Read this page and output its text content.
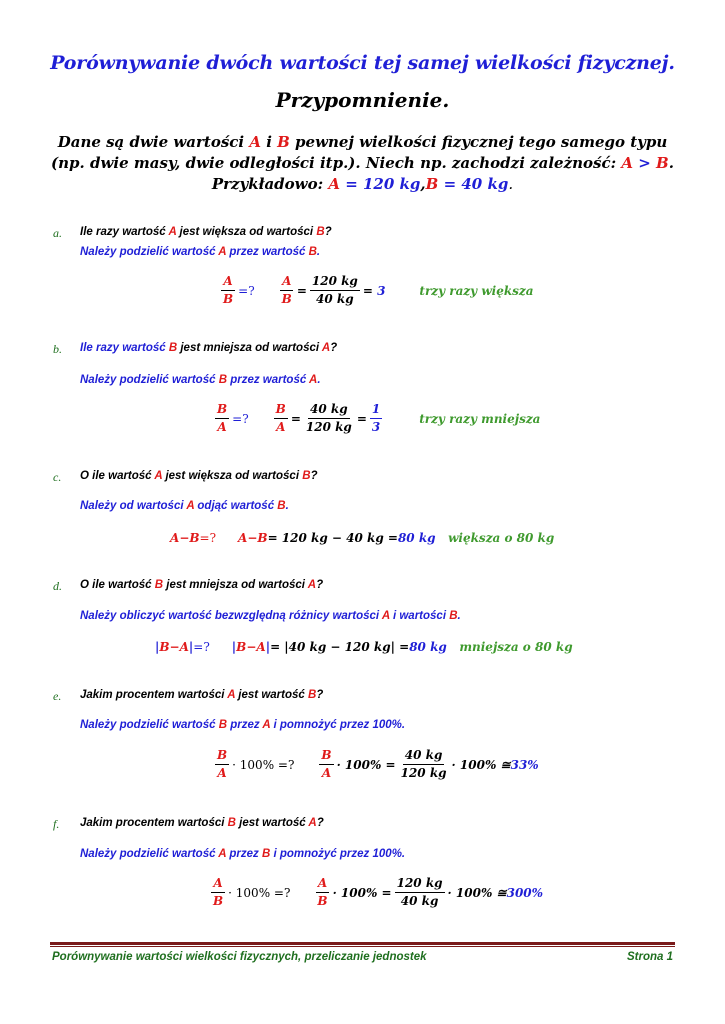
Porównywanie dwóch wartości tej samej wielkości fizycznej.
Przypomnienie.
Dane są dwie wartości A i B pewnej wielkości fizycznej tego samego typu
(np. dwie masy, dwie odległości itp.). Niech np. zachodzi zależność: A > B.
Przykładowo: A = 120 kg,B = 40 kg.
a. Ile razy wartość A jest większa od wartości B?
Należy podzielić wartość A przez wartość B.
$\frac{A}{B}$ =? $\frac{A}{B} = \frac{120 kg}{40 kg}$ =
3	trzy razy większa
b. Ile razy wartość B jest mniejsza od wartości A?
Należy podzielić wartość B przez wartość A.
$\frac{B}{A}$ =? $\frac{B}{A} = \frac{40 kg}{120 kg} = \frac{1}{3}$	trzy razy mniejsza
c. O ile wartość A jest większa od wartości B?
Należy od wartości A odjąć wartość B.
A − B =? A − B = 120 kg − 40 kg = 80 kg
większa o 80 kg
d. O ile wartość B jest mniejsza od wartości A?
Należy obliczyć wartość bezwzględną różnicy wartości A i wartości B.
| B − A | =? | B − A | = |40 kg − 120 kg| = 80 kg
mniejsza o 80 kg
e. Jakim procentem wartości A jest wartość B?
Należy podzielić wartość B przez A i pomnożyć przez 100%.
$\frac{B}{A} \cdot 100\%$ =? $\frac{B}{A} \cdot 100\% = \frac{40 kg}{120 kg} \cdot 100\%$ ≅ 33%
f. Jakim procentem wartości B jest wartość A?
Należy podzielić wartość A przez B i pomnożyć przez 100%.
$\frac{A}{B} \cdot 100\%$ =? $\frac{A}{B} \cdot 100\% = \frac{120 kg}{40 kg} \cdot 100\%$ ≅ 300%
Porównywanie wartości wielkości fizycznych, przeliczanie jednostek	Strona 1
